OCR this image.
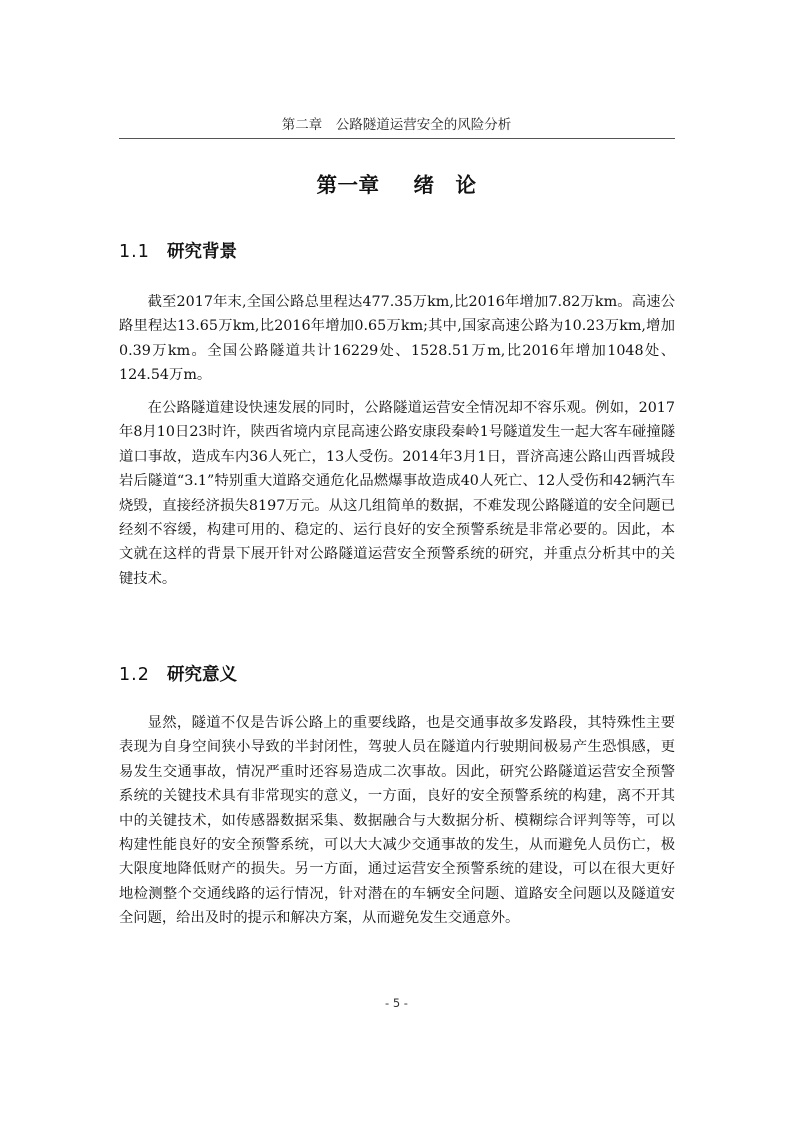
第二章　公路隧道运营安全的风险分析
第一章 绪　论
1.1 研究背景

截至2017年末,全国公路总里程达477.35万km,比2016年增加7.82万km。高速公路里程达13.65万km,比2016年增加0.65万km;其中,国家高速公路为10.23万km,增加0.39万km。全国公路隧道共计16229处、1528.51万m,比2016年增加1048处、124.54万m。

在公路隧道建设快速发展的同时，公路隧道运营安全情况却不容乐观。例如，2017年8月10日23时许，陕西省境内京昆高速公路安康段秦岭1号隧道发生一起大客车碰撞隧道口事故，造成车内36人死亡，13人受伤。2014年3月1日，晋济高速公路山西晋城段岩后隧道“3.1”特别重大道路交通危化品燃爆事故造成40人死亡、12人受伤和42辆汽车烧毁，直接经济损失8197万元。从这几组简单的数据，不难发现公路隧道的安全问题已经刻不容缓，构建可用的、稳定的、运行良好的安全预警系统是非常必要的。因此，本文就在这样的背景下展开针对公路隧道运营安全预警系统的研究，并重点分析其中的关键技术。

1.2 研究意义

显然，隧道不仅是告诉公路上的重要线路，也是交通事故多发路段，其特殊性主要表现为自身空间狭小导致的半封闭性，驾驶人员在隧道内行驶期间极易产生恐惧感，更易发生交通事故，情况严重时还容易造成二次事故。因此，研究公路隧道运营安全预警系统的关键技术具有非常现实的意义，一方面，良好的安全预警系统的构建，离不开其中的关键技术，如传感器数据采集、数据融合与大数据分析、模糊综合评判等等，可以构建性能良好的安全预警系统，可以大大减少交通事故的发生，从而避免人员伤亡，极大限度地降低财产的损失。另一方面，通过运营安全预警系统的建设，可以在很大更好地检测整个交通线路的运行情况，针对潜在的车辆安全问题、道路安全问题以及隧道安全问题，给出及时的提示和解决方案，从而避免发生交通意外。

- 5 -
